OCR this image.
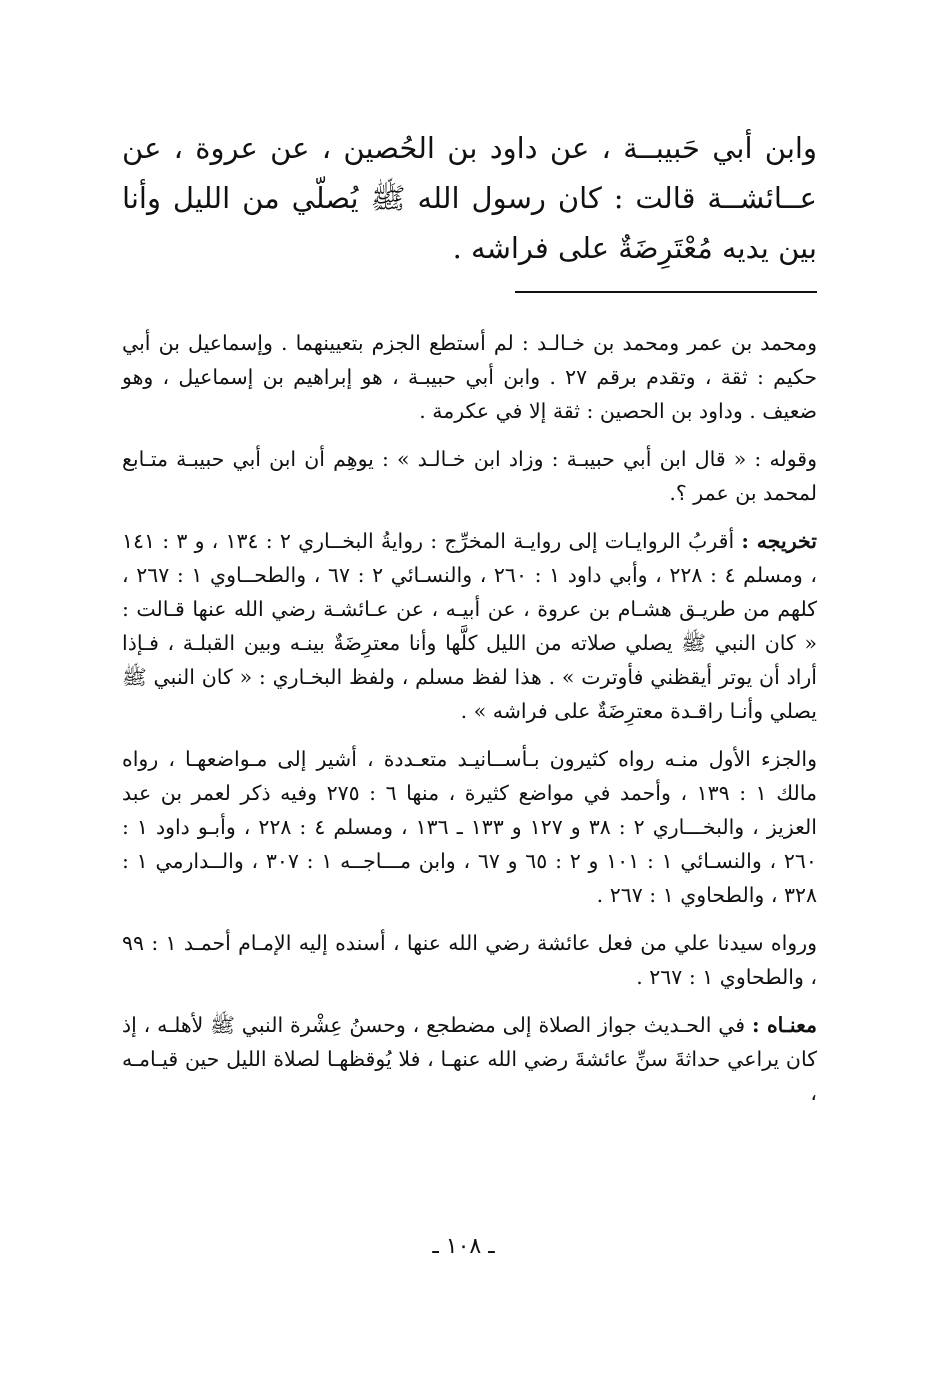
وابن أبي حَبيبــة ، عن داود بن الحُصين ، عن عروة ، عن عــائشــة قالت : كان رسول الله ﷺ يُصلّي من الليل وأنا بين يديه مُعْتَرِضَةٌ على فراشه .

ومحمد بن عمر ومحمد بن خـالـد : لم أستطع الجزم بتعيينهما . وإسماعيل بن أبي حكيم : ثقة ، وتقدم برقم ٢٧ . وابن أبي حبيبـة ، هو إبراهيم بن إسماعيل ، وهو ضعيف . وداود بن الحصين : ثقة إلا في عكرمة .

وقوله : « قال ابن أبي حبيبـة : وزاد ابن خـالـد » : يوهِم أن ابن أبي حبيبـة متـابع لمحمد بن عمر ؟.

تخريجه : أقربُ الروايـات إلى روايـة المخرِّج : روايةُ البخــاري ٢ : ١٣٤ ، و ٣ : ١٤١ ، ومسلم ٤ : ٢٢٨ ، وأبي داود ١ : ٢٦٠ ، والنسـائي ٢ : ٦٧ ، والطحــاوي ١ : ٢٦٧ ، كلهم من طريـق هشـام بن عروة ، عن أبيـه ، عن عـائشـة رضي الله عنها قـالت : « كان النبي ﷺ يصلي صلاته من الليل كلَّها وأنا معترِضَةٌ بينـه وبين القبلـة ، فـإذا أراد أن يوتر أيقظني فأوترت » . هذا لفظ مسلم ، ولفظ البخـاري : « كان النبي ﷺ يصلي وأنـا راقـدة معترِضَةٌ على فراشه » .

والجزء الأول منـه رواه كثيرون بـأســانيـد متعـددة ، أشير إلى مـواضعهـا ، رواه مالك ١ : ١٣٩ ، وأحمد في مواضع كثيرة ، منها ٦ : ٢٧٥ وفيه ذكر لعمر بن عبد العزيز ، والبخـــاري ٢ : ٣٨ و ١٢٧ و ١٣٣ ـ ١٣٦ ، ومسلم ٤ : ٢٢٨ ، وأبـو داود ١ : ٢٦٠ ، والنسـائي ١ : ١٠١ و ٢ : ٦٥ و ٦٧ ، وابن مـــاجــه ١ : ٣٠٧ ، والــدارمي ١ : ٣٢٨ ، والطحاوي ١ : ٢٦٧ .

ورواه سيدنا علي من فعل عائشة رضي الله عنها ، أسنده إليه الإمـام أحمـد ١ : ٩٩ ، والطحاوي ١ : ٢٦٧ .

معنـاه : في الحـديث جواز الصلاة إلى مضطجع ، وحسنُ عِشْرة النبي ﷺ لأهلـه ، إذ كان يراعي حداثةَ سنِّ عائشةَ رضي الله عنهـا ، فلا يُوقظهـا لصلاة الليل حين قيـامـه ،

ـ ١٠٨ ـ
